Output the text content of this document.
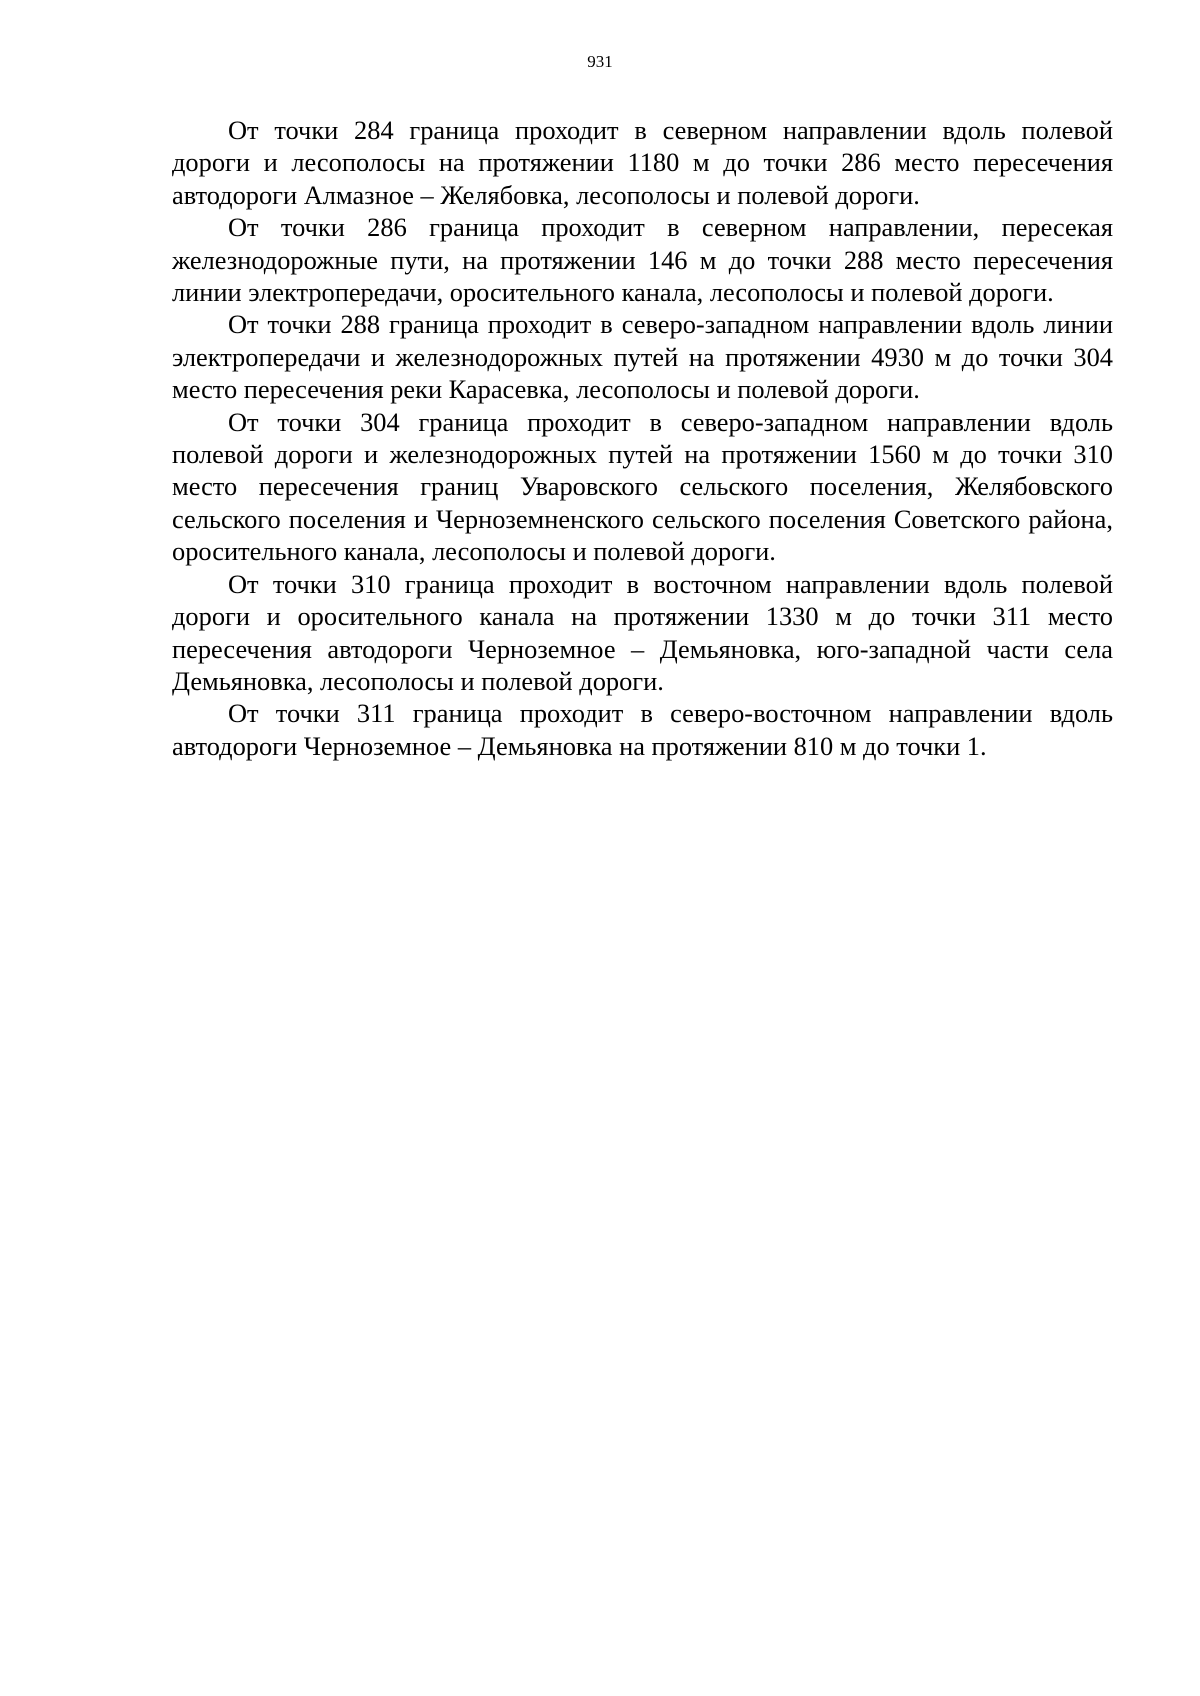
931

От точки 284 граница проходит в северном направлении вдоль полевой дороги и лесополосы на протяжении 1180 м до точки 286 место пересечения автодороги Алмазное – Желябовка, лесополосы и полевой дороги.

От точки 286 граница проходит в северном направлении, пересекая железнодорожные пути, на протяжении 146 м до точки 288 место пересечения линии электропередачи, оросительного канала, лесополосы и полевой дороги.

От точки 288 граница проходит в северо-западном направлении вдоль линии электропередачи и железнодорожных путей на протяжении 4930 м до точки 304 место пересечения реки Карасевка, лесополосы и полевой дороги.

От точки 304 граница проходит в северо-западном направлении вдоль полевой дороги и железнодорожных путей на протяжении 1560 м до точки 310 место пересечения границ Уваровского сельского поселения, Желябовского сельского поселения и Черноземненского сельского поселения Советского района, оросительного канала, лесополосы и полевой дороги.

От точки 310 граница проходит в восточном направлении вдоль полевой дороги и оросительного канала на протяжении 1330 м до точки 311 место пересечения автодороги Черноземное – Демьяновка, юго-западной части села Демьяновка, лесополосы и полевой дороги.

От точки 311 граница проходит в северо-восточном направлении вдоль автодороги Черноземное – Демьяновка на протяжении 810 м до точки 1.
